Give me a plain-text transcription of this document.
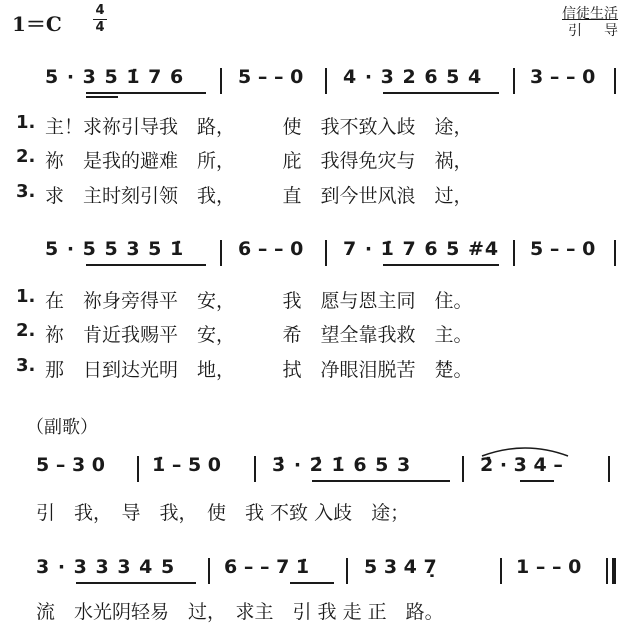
1＝C
4
4
信徒生活
引导
5 · 3 5 1̇ 7 6	5 – – 0 4 · 3 2 6 5 4	3 – – 0
1. 主！求祢引导我　路，　　　使　我不致入歧　途，
2. 祢　是我的避难　所，　　　庇　我得免灾与　祸，
3. 求　主时刻引领　我，　　　直　到今世风浪　过，
5 · 5 5 3 5 1̇	6 – – 0 7 · 1̇ 7 6 5 #4 5 – – 0
1. 在　祢身旁得平　安，　　　我　愿与恩主同　住。
2. 祢　肯近我赐平　安，　　　希　望全靠我救　主。
3. 那　日到达光明　地，　　　拭　净眼泪脱苦　楚。
（副歌）
5 – 3 0 1̇ – 5 0	3̇ · 2̇ 1̇ 6 5 3	2̇ · 3 4 –
引　我，　导　我，　使　我 不致 入歧　途；
3 · 3 3 3 4 5	6 – – 7 1̇	5 3 4 7̣	1 – – 0
流　水光阴轻易　过，　求主　引 我 走 正　路。
